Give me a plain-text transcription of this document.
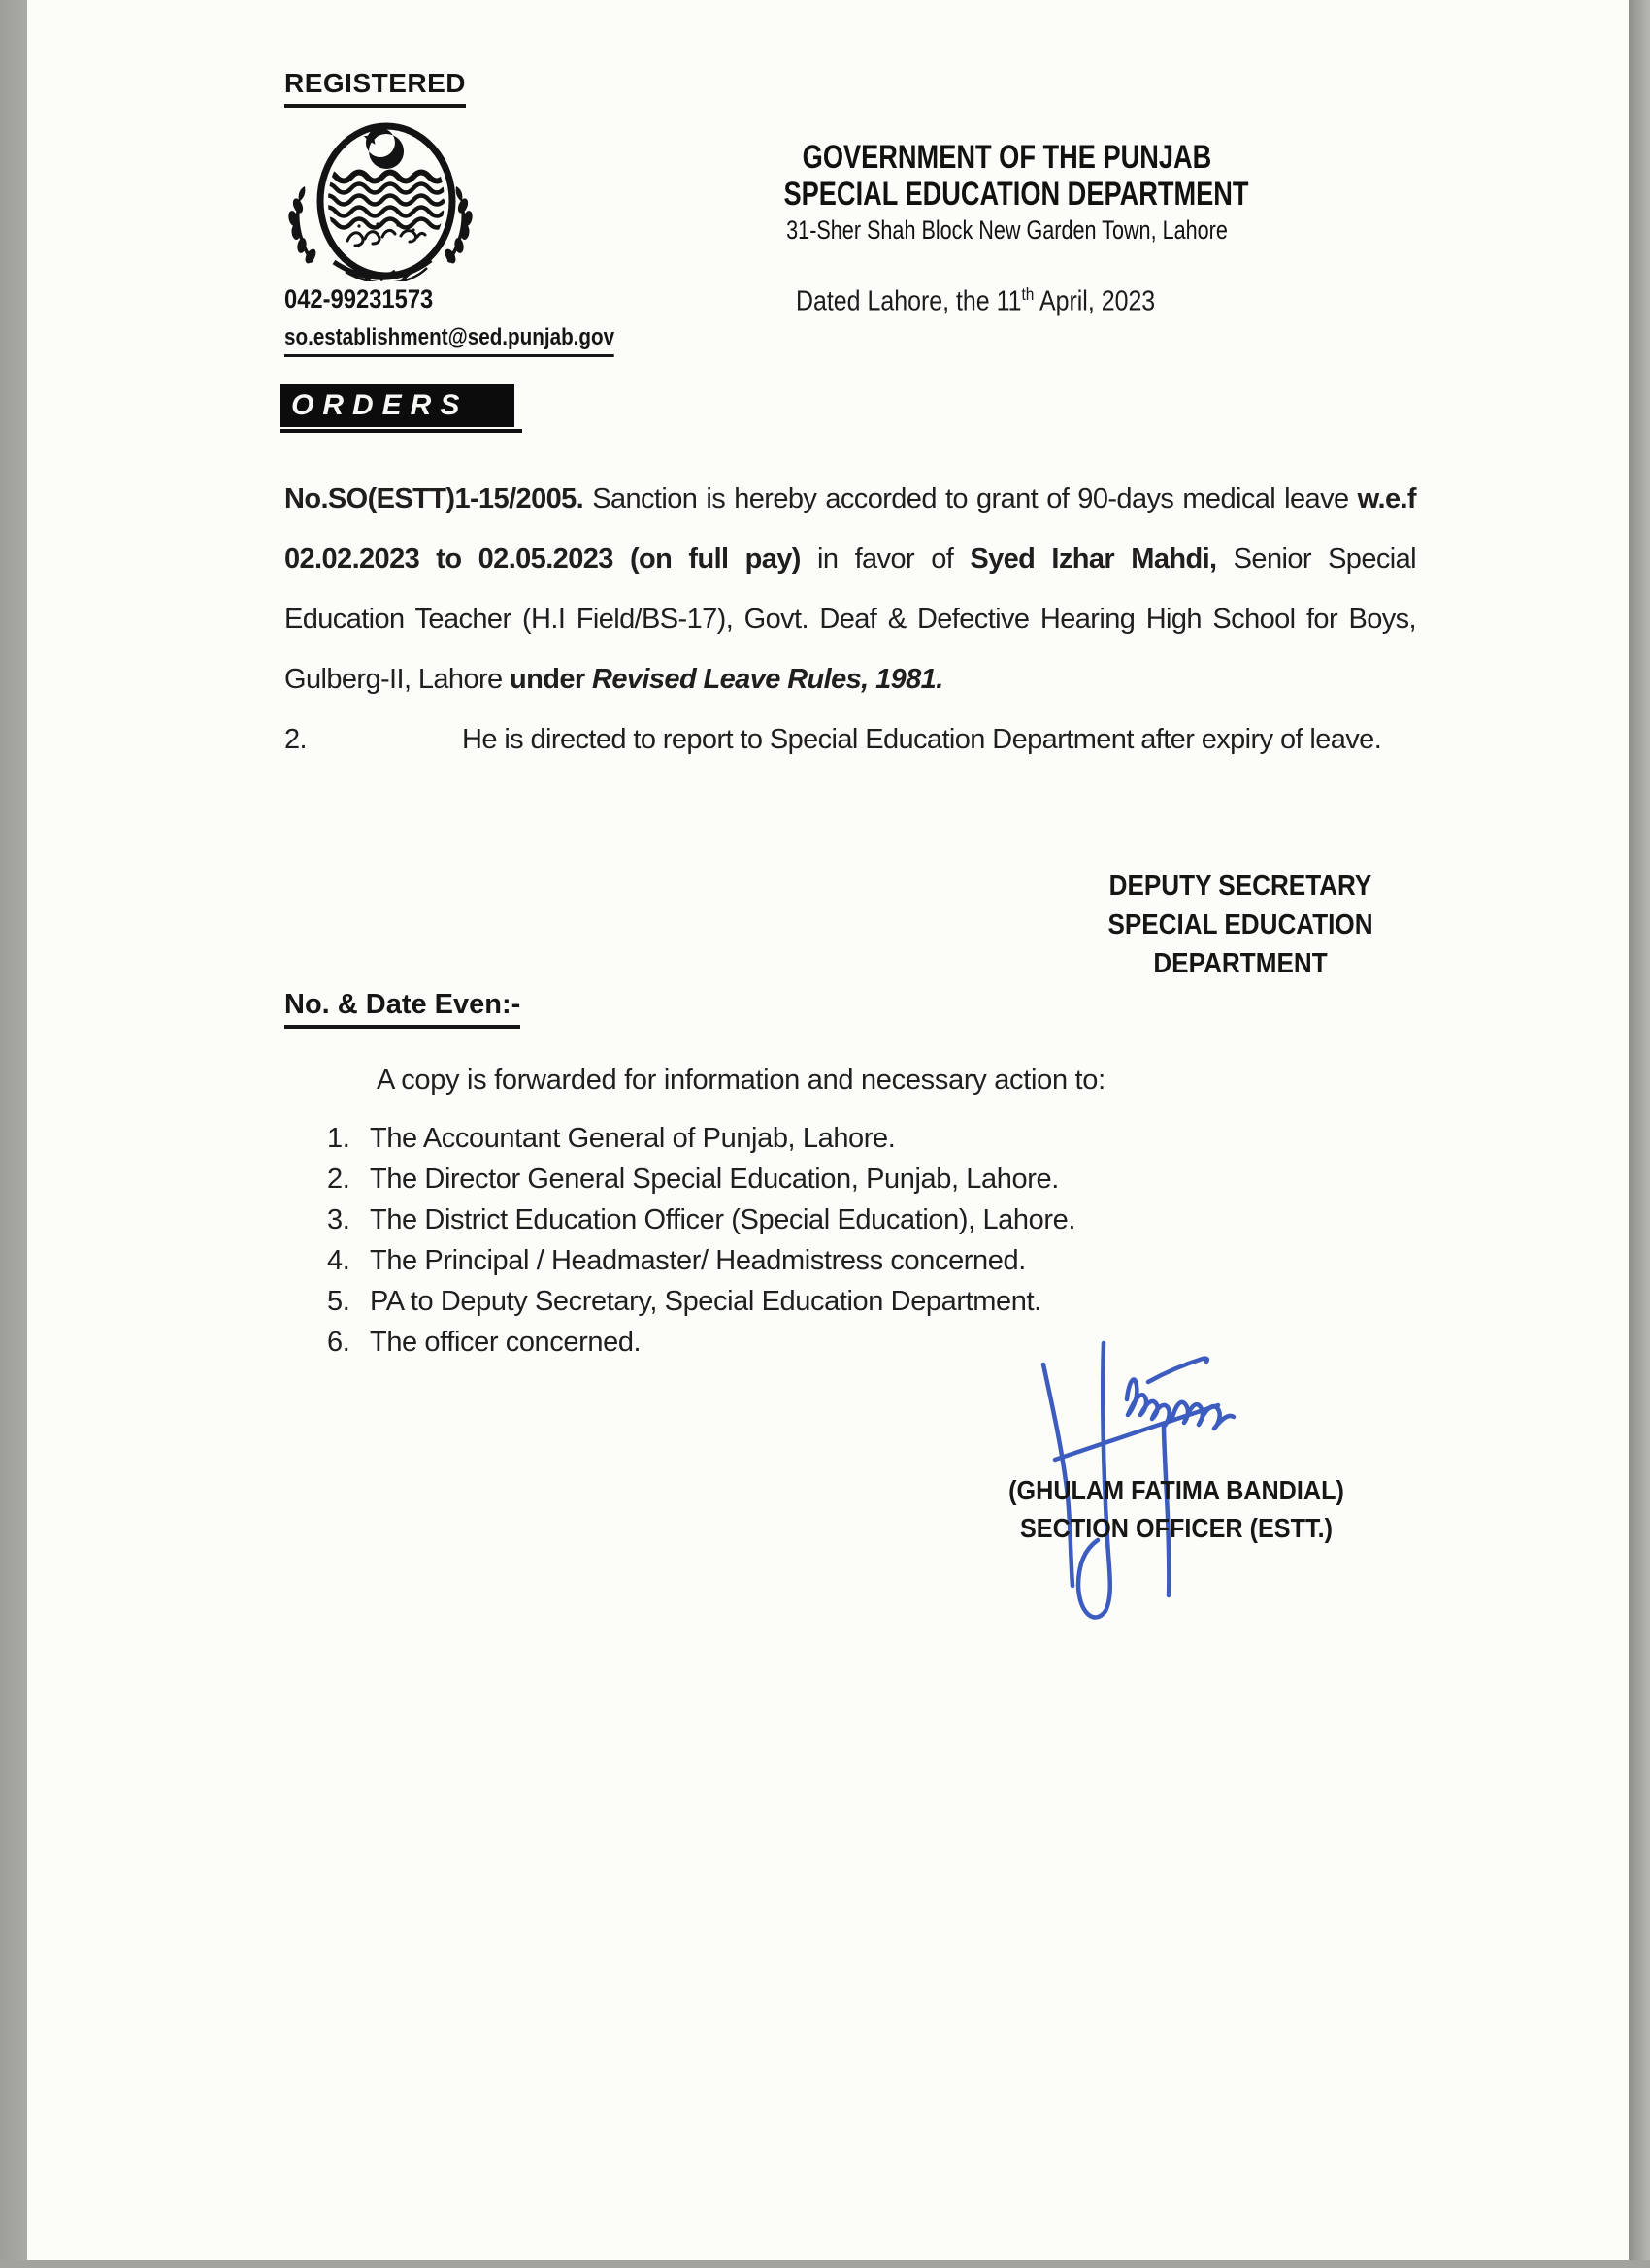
REGISTERED
042-99231573
so.establishment@sed.punjab.gov
GOVERNMENT OF THE PUNJAB
SPECIAL EDUCATION DEPARTMENT
31-Sher Shah Block New Garden Town, Lahore
Dated Lahore, the 11th April, 2023
ORDERS
No.SO(ESTT)1-15/2005. Sanction is hereby accorded to grant of 90-days medical leave w.e.f 02.02.2023 to 02.05.2023 (on full pay) in favor of Syed Izhar Mahdi, Senior Special Education Teacher (H.I Field/BS-17), Govt. Deaf & Defective Hearing High School for Boys, Gulberg-II, Lahore under Revised Leave Rules, 1981.
2.	He is directed to report to Special Education Department after expiry of leave.
DEPUTY SECRETARY
SPECIAL EDUCATION
DEPARTMENT
No. & Date Even:-
A copy is forwarded for information and necessary action to:
1. The Accountant General of Punjab, Lahore.
2. The Director General Special Education, Punjab, Lahore.
3. The District Education Officer (Special Education), Lahore.
4. The Principal / Headmaster/ Headmistress concerned.
5. PA to Deputy Secretary, Special Education Department.
6. The officer concerned.
(GHULAM FATIMA BANDIAL)
SECTION OFFICER (ESTT.)
